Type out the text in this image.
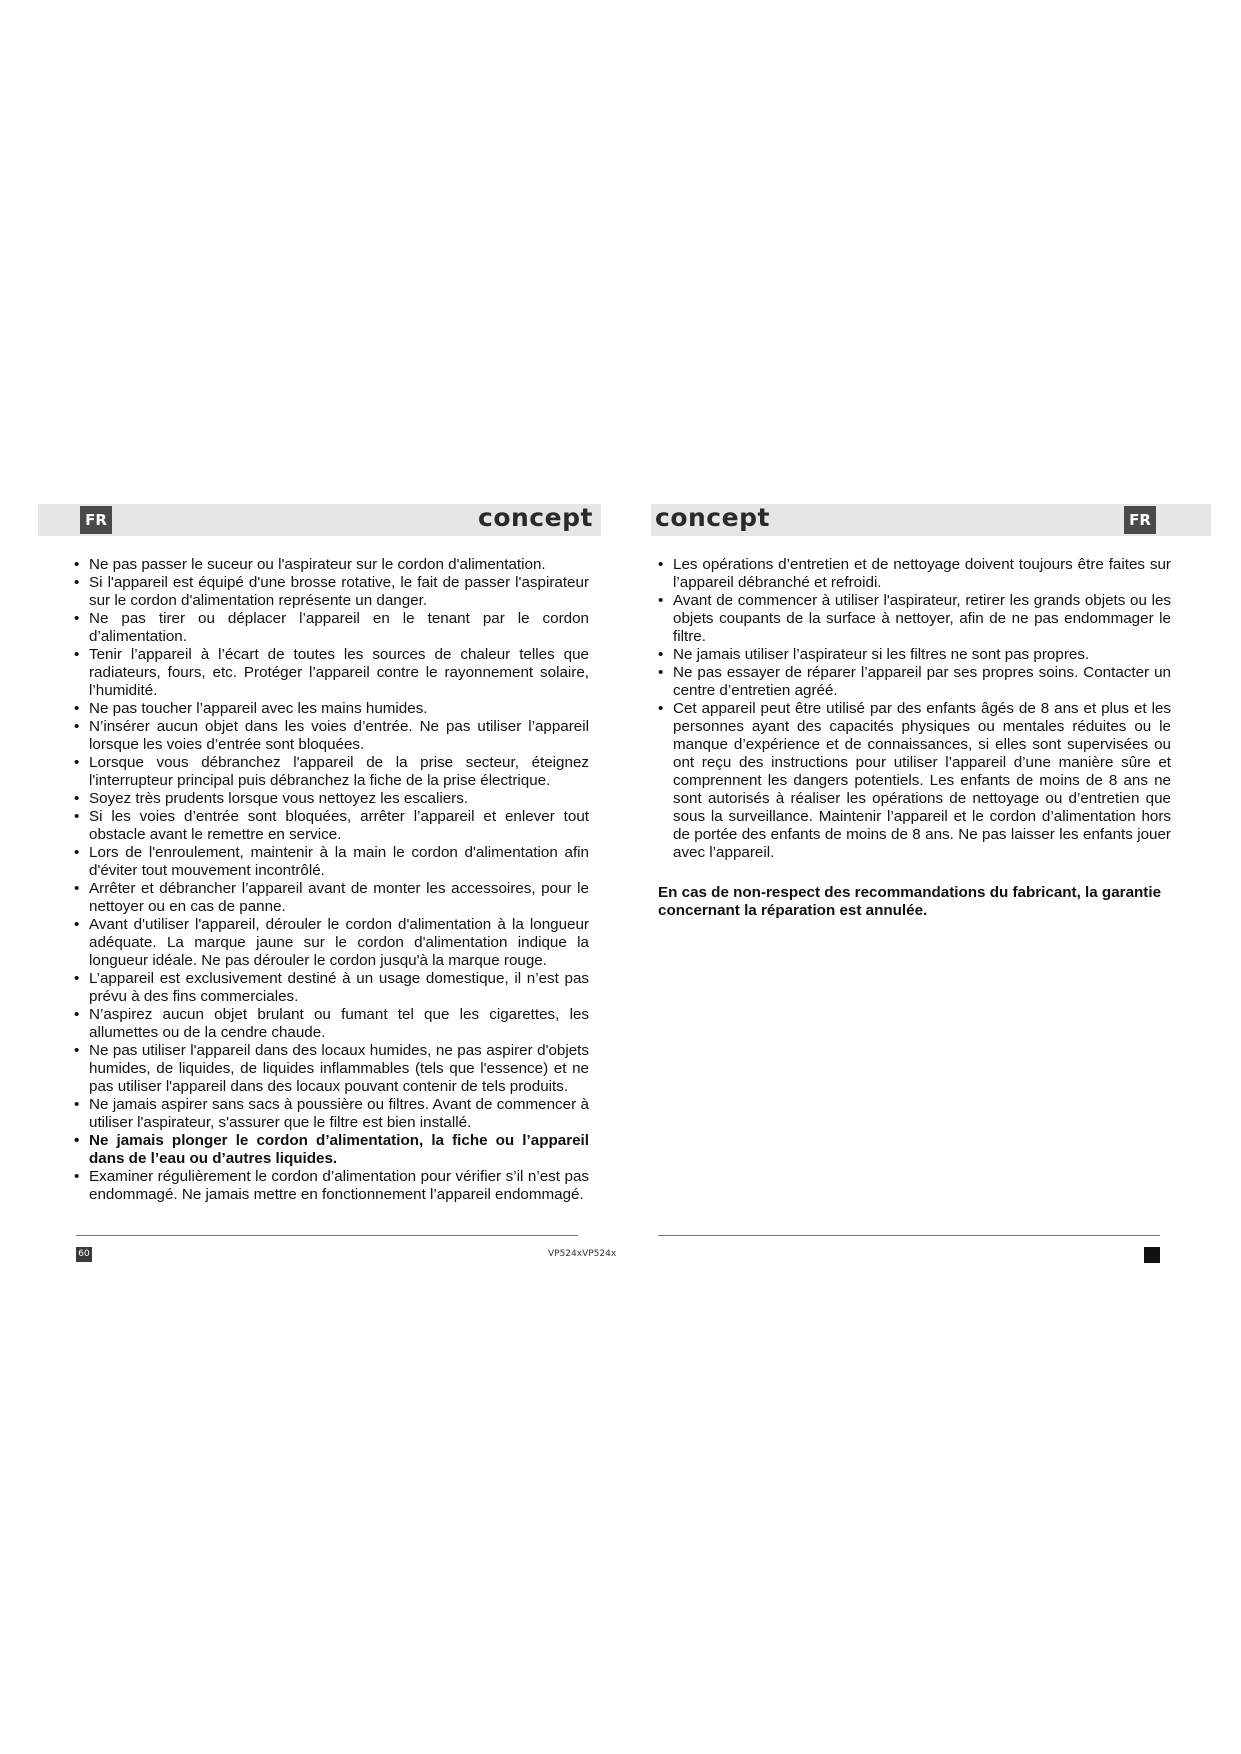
FR	FR
concept concept
• Ne pas passer le suceur ou l'aspirateur sur le cordon d'alimentation.
• Si l'appareil est équipé d'une brosse rotative, le fait de passer l'aspirateur sur le cordon d'alimentation représente un danger.
• Ne pas tirer ou déplacer l’appareil en le tenant par le cordon d’alimentation.
• Tenir l’appareil à l’écart de toutes les sources de chaleur telles que radiateurs, fours, etc. Protéger l’appareil contre le rayonnement solaire, l’humidité.
• Ne pas toucher l’appareil avec les mains humides.
• N’insérer aucun objet dans les voies d’entrée. Ne pas utiliser l’appareil lorsque les voies d’entrée sont bloquées.
• Lorsque vous débranchez l'appareil de la prise secteur, éteignez l'interrupteur principal puis débranchez la fiche de la prise électrique.
• Soyez très prudents lorsque vous nettoyez les escaliers.
• Si les voies d’entrée sont bloquées, arrêter l’appareil et enlever tout obstacle avant le remettre en service.
• Lors de l'enroulement, maintenir à la main le cordon d'alimentation afin d'éviter tout mouvement incontrôlé.
• Arrêter et débrancher l’appareil avant de monter les accessoires, pour le nettoyer ou en cas de panne.
• Avant d'utiliser l'appareil, dérouler le cordon d'alimentation à la longueur adéquate. La marque jaune sur le cordon d'alimentation indique la longueur idéale. Ne pas dérouler le cordon jusqu'à la marque rouge.
• L’appareil est exclusivement destiné à un usage domestique, il n’est pas prévu à des fins commerciales.
• N’aspirez aucun objet brulant ou fumant tel que les cigarettes, les allumettes ou de la cendre chaude.
• Ne pas utiliser l'appareil dans des locaux humides, ne pas aspirer d'objets humides, de liquides, de liquides inflammables (tels que l'essence) et ne pas utiliser l'appareil dans des locaux pouvant contenir de tels produits.
• Ne jamais aspirer sans sacs à poussière ou filtres. Avant de commencer à utiliser l'aspirateur, s'assurer que le filtre est bien installé.
• Ne jamais plonger le cordon d’alimentation, la fiche ou l’appareil dans de l’eau ou d’autres liquides.
• Examiner régulièrement le cordon d’alimentation pour vérifier s’il n’est pas endommagé. Ne jamais mettre en fonctionnement l’appareil endommagé.
• Les opérations d’entretien et de nettoyage doivent toujours être faites sur l’appareil débranché et refroidi.
• Avant de commencer à utiliser l'aspirateur, retirer les grands objets ou les objets coupants de la surface à nettoyer, afin de ne pas endommager le filtre.
• Ne jamais utiliser l’aspirateur si les filtres ne sont pas propres.
• Ne pas essayer de réparer l’appareil par ses propres soins. Contacter un centre d’entretien agréé.
• Cet appareil peut être utilisé par des enfants âgés de 8 ans et plus et les personnes ayant des capacités physiques ou mentales réduites ou le manque d’expérience et de connaissances, si elles sont supervisées ou ont reçu des instructions pour utiliser l’appareil d’une manière sûre et comprennent les dangers potentiels. Les enfants de moins de 8 ans ne sont autorisés à réaliser les opérations de nettoyage ou d’entretien que sous la surveillance. Maintenir l’appareil et le cordon d’alimentation hors de portée des enfants de moins de 8 ans. Ne pas laisser les enfants jouer avec l’appareil.
En cas de non-respect des recommandations du fabricant, la garantie concernant la réparation est annulée.
60	VP524xVP524x
